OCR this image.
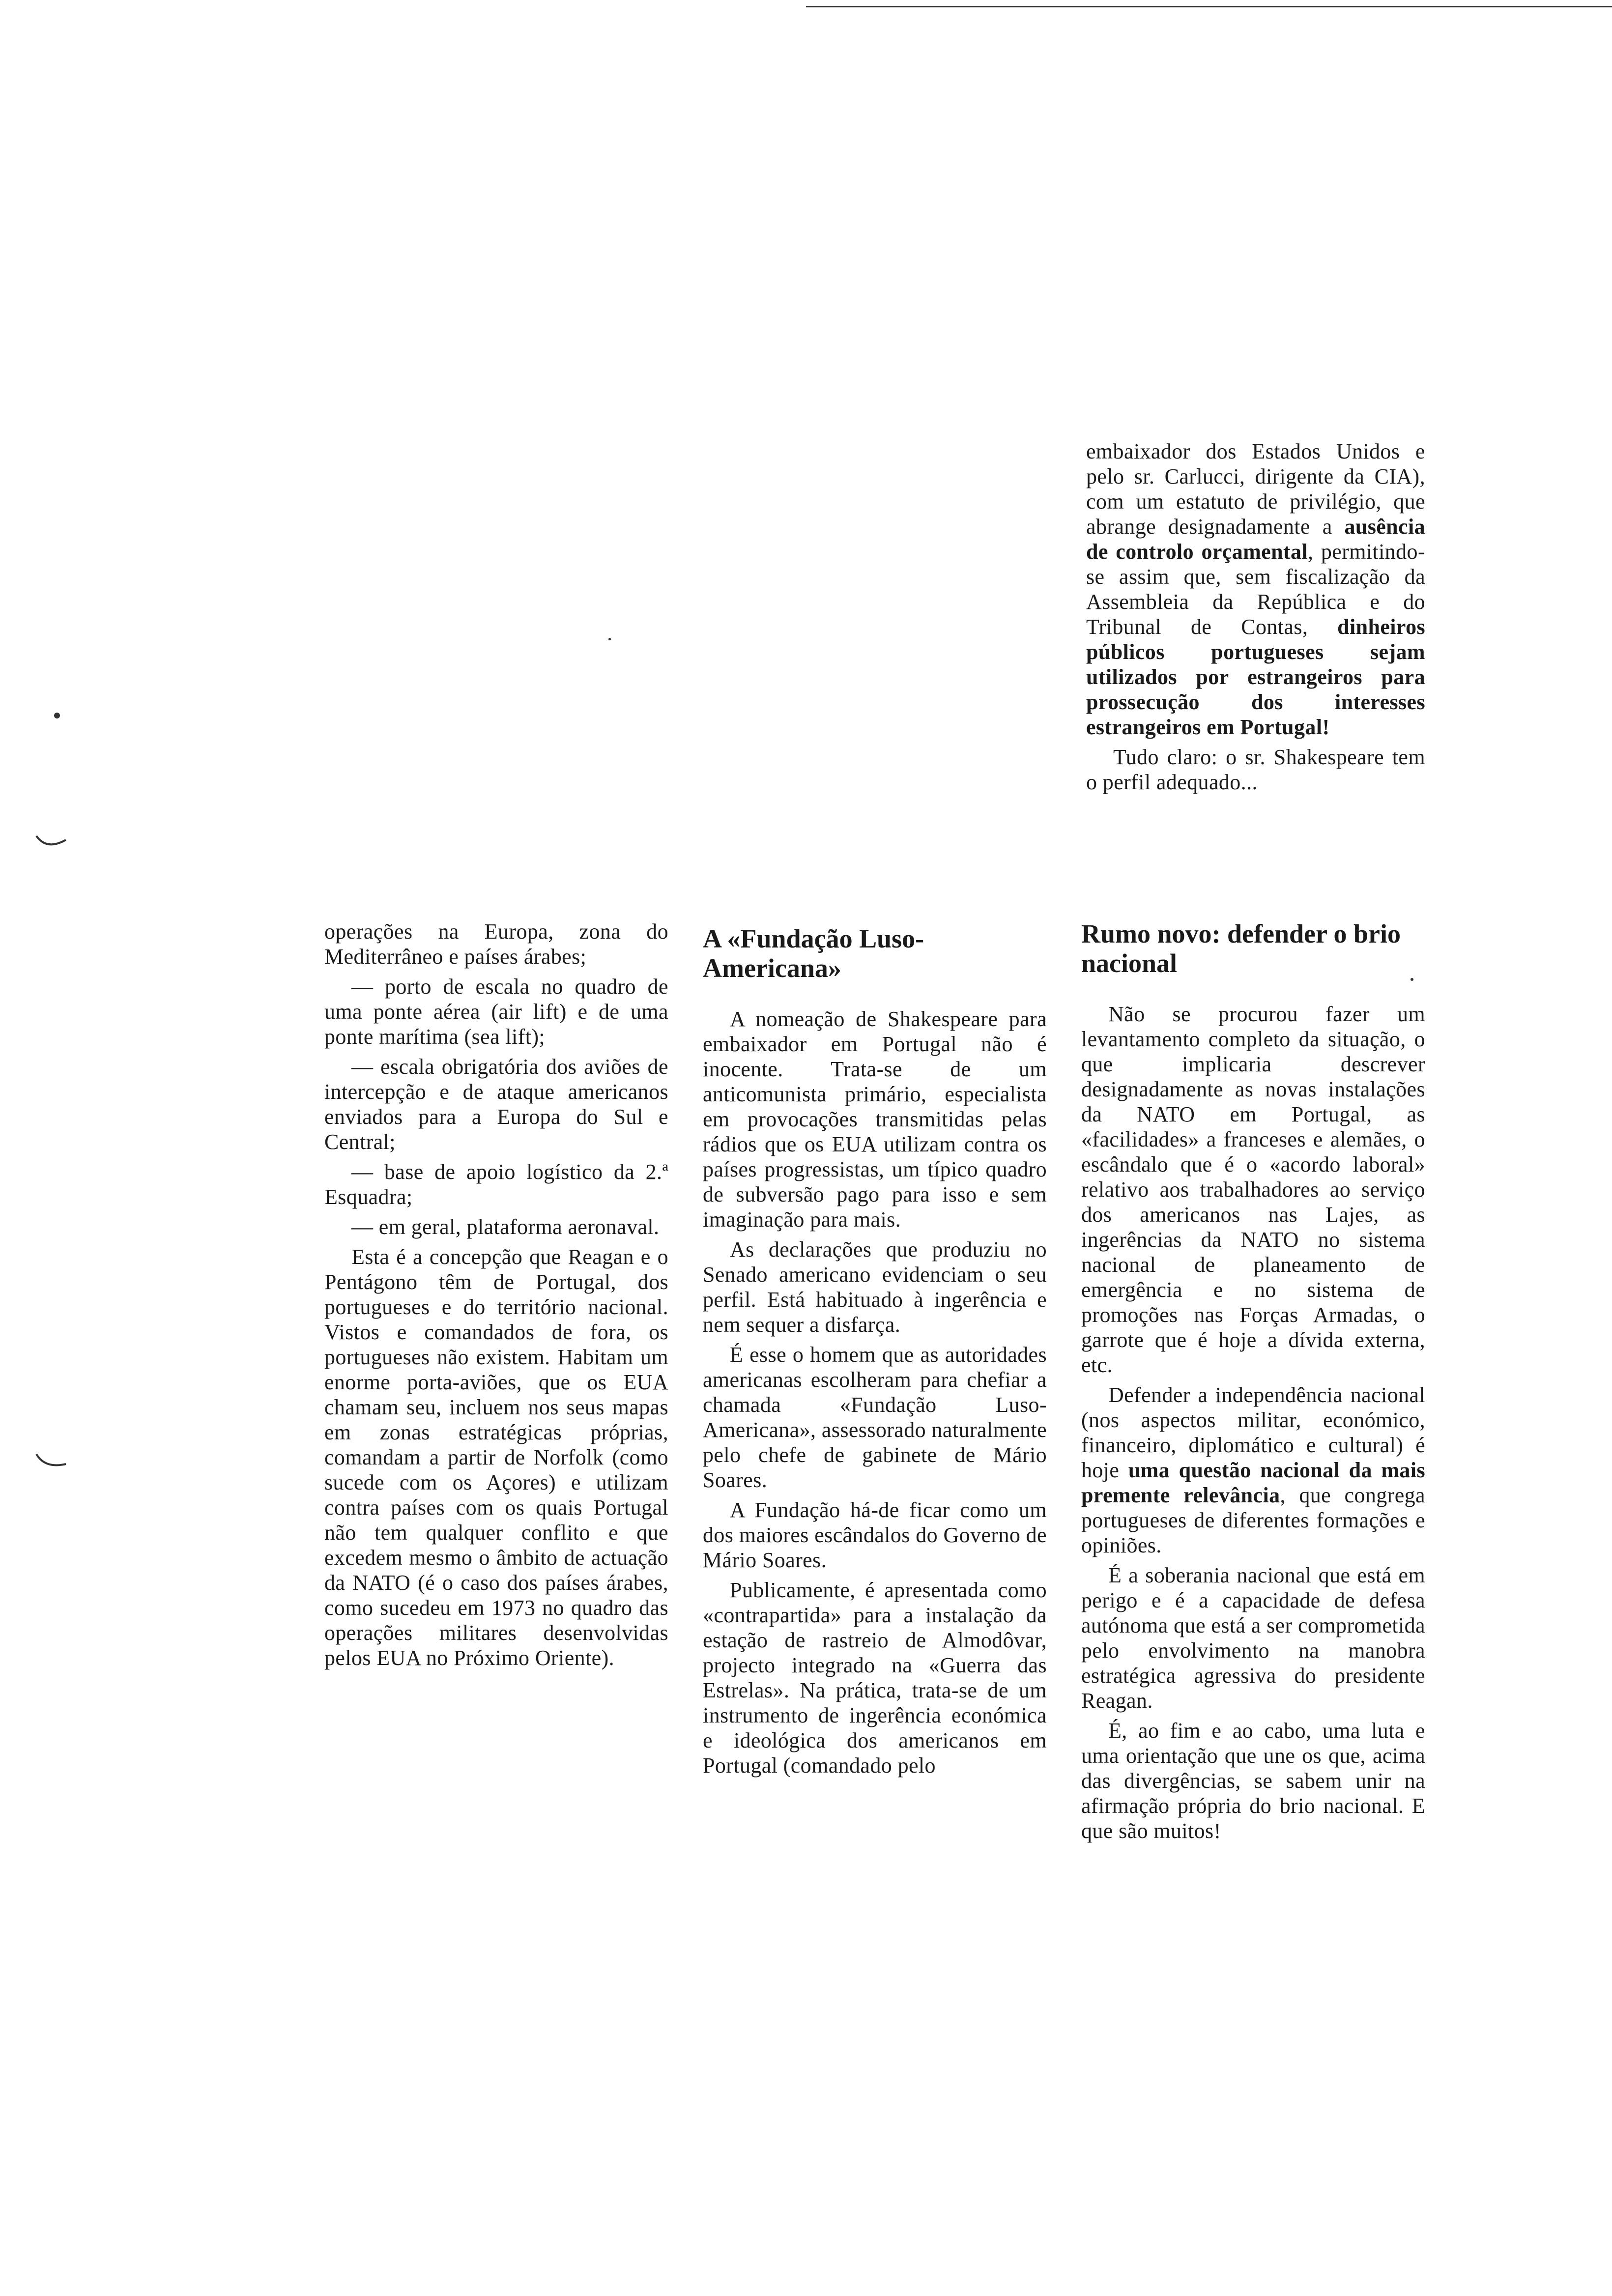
embaixador dos Estados Unidos e pelo sr. Carlucci, dirigente da CIA), com um estatuto de privilégio, que abrange designadamente a ausência de controlo orçamental, permitindo-se assim que, sem fiscalização da Assembleia da República e do Tribunal de Contas, dinheiros públicos portugueses sejam utilizados por estrangeiros para prossecução dos interesses estrangeiros em Portugal!

Tudo claro: o sr. Shakespeare tem o perfil adequado...

operações na Europa, zona do Mediterrâneo e países árabes;

— porto de escala no quadro de uma ponte aérea (air lift) e de uma ponte marítima (sea lift);

— escala obrigatória dos aviões de intercepção e de ataque americanos enviados para a Europa do Sul e Central;

— base de apoio logístico da 2.ª Esquadra;

— em geral, plataforma aeronaval.

Esta é a concepção que Reagan e o Pentágono têm de Portugal, dos portugueses e do território nacional. Vistos e comandados de fora, os portugueses não existem. Habitam um enorme porta-aviões, que os EUA chamam seu, incluem nos seus mapas em zonas estratégicas próprias, comandam a partir de Norfolk (como sucede com os Açores) e utilizam contra países com os quais Portugal não tem qualquer conflito e que excedem mesmo o âmbito de actuação da NATO (é o caso dos países árabes, como sucedeu em 1973 no quadro das operações militares desenvolvidas pelos EUA no Próximo Oriente).

A «Fundação Luso-Americana»

A nomeação de Shakespeare para embaixador em Portugal não é inocente. Trata-se de um anticomunista primário, especialista em provocações transmitidas pelas rádios que os EUA utilizam contra os países progressistas, um típico quadro de subversão pago para isso e sem imaginação para mais.

As declarações que produziu no Senado americano evidenciam o seu perfil. Está habituado à ingerência e nem sequer a disfarça.

É esse o homem que as autoridades americanas escolheram para chefiar a chamada «Fundação Luso-Americana», assessorado naturalmente pelo chefe de gabinete de Mário Soares.

A Fundação há-de ficar como um dos maiores escândalos do Governo de Mário Soares.

Publicamente, é apresentada como «contrapartida» para a instalação da estação de rastreio de Almodôvar, projecto integrado na «Guerra das Estrelas». Na prática, trata-se de um instrumento de ingerência económica e ideológica dos americanos em Portugal (comandado pelo

Rumo novo: defender o brio nacional

Não se procurou fazer um levantamento completo da situação, o que implicaria descrever designadamente as novas instalações da NATO em Portugal, as «facilidades» a franceses e alemães, o escândalo que é o «acordo laboral» relativo aos trabalhadores ao serviço dos americanos nas Lajes, as ingerências da NATO no sistema nacional de planeamento de emergência e no sistema de promoções nas Forças Armadas, o garrote que é hoje a dívida externa, etc.

Defender a independência nacional (nos aspectos militar, económico, financeiro, diplomático e cultural) é hoje uma questão nacional da mais premente relevância, que congrega portugueses de diferentes formações e opiniões.

É a soberania nacional que está em perigo e é a capacidade de defesa autónoma que está a ser comprometida pelo envolvimento na manobra estratégica agressiva do presidente Reagan.

É, ao fim e ao cabo, uma luta e uma orientação que une os que, acima das divergências, se sabem unir na afirmação própria do brio nacional. E que são muitos!
